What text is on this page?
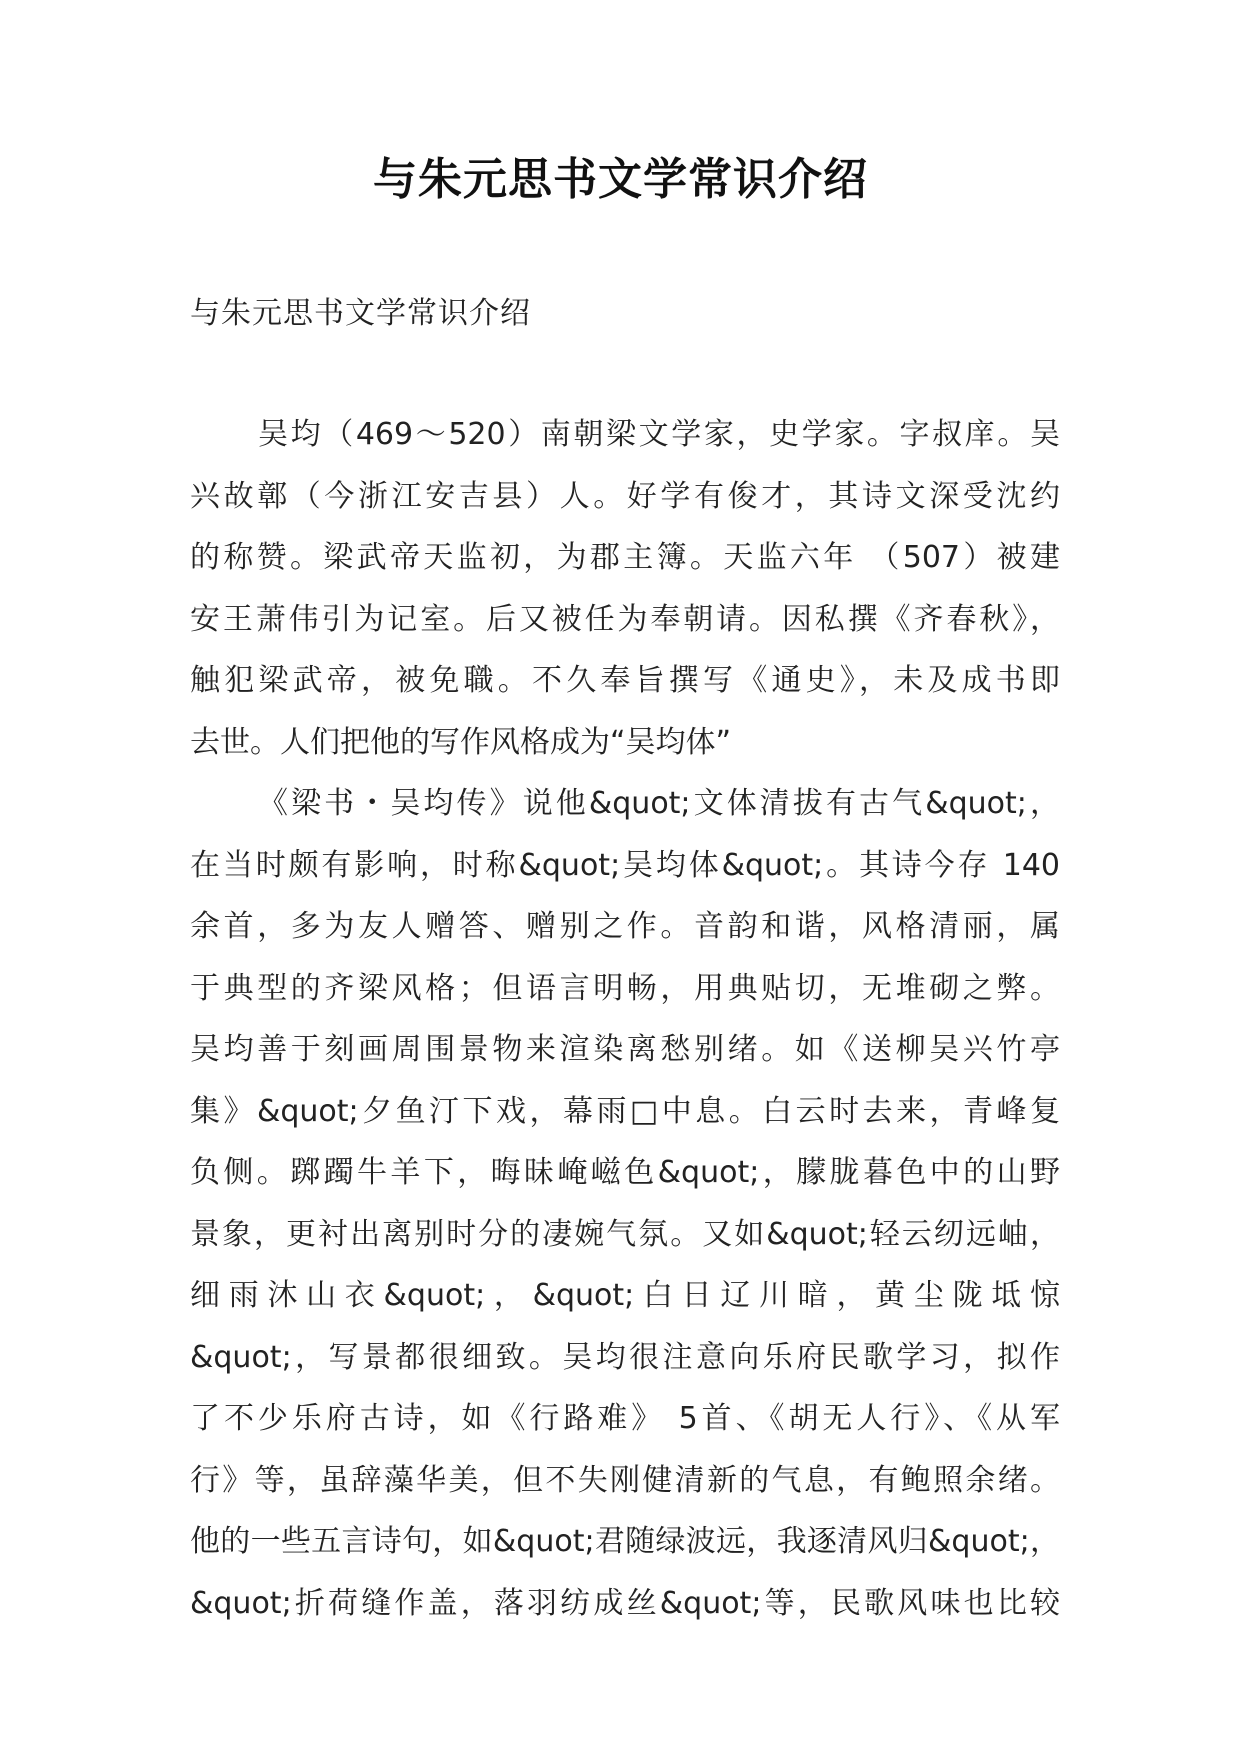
与朱元思书文学常识介绍

与朱元思书文学常识介绍

吴均（469～520）南朝梁文学家，史学家。字叔庠。吴
兴故鄣（今浙江安吉县）人。好学有俊才，其诗文深受沈约
的称赞。梁武帝天监初，为郡主簿。天监六年 （507）被建
安王萧伟引为记室。后又被任为奉朝请。因私撰《齐春秋》，
触犯梁武帝，被免職。不久奉旨撰写《通史》，未及成书即
去世。人们把他的写作风格成为“吴均体”
《梁书・吴均传》说他&quot;文体清拔有古气&quot;，
在当时颇有影响，时称&quot;吴均体&quot;。其诗今存 140
余首，多为友人赠答、赠别之作。音韵和谐，风格清丽，属
于典型的齐梁风格；但语言明畅，用典贴切，无堆砌之弊。
吴均善于刻画周围景物来渲染离愁别绪。如《送柳吴兴竹亭
集》&quot;夕鱼汀下戏，幕雨□中息。白云时去来，青峰复
负侧。踯躅牛羊下，晦昧崦嵫色&quot;，朦胧暮色中的山野
景象，更衬出离别时分的凄婉气氛。又如&quot;轻云纫远岫，
细雨沐山衣&quot;，&quot;白日辽川暗，黄尘陇坻惊
&quot;，写景都很细致。吴均很注意向乐府民歌学习，拟作
了不少乐府古诗，如《行路难》 5首、《胡无人行》、《从军
行》等，虽辞藻华美，但不失刚健清新的气息，有鲍照余绪。
他的一些五言诗句，如&quot;君随绿波远，我逐清风归&quot;，
&quot;折荷缝作盖，落羽纺成丝&quot;等，民歌风味也比较
